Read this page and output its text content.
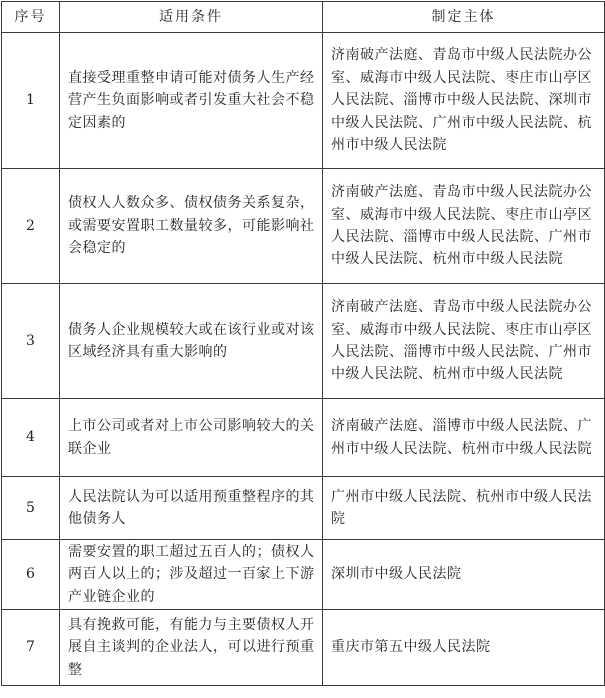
序号	适用条件	制定主体
1	直接受理重整申请可能对债务人生产经营产生负面影响或者引发重大社会不稳定因素的	济南破产法庭、青岛市中级人民法院办公室、威海市中级人民法院、枣庄市山亭区人民法院、淄博市中级人民法院、深圳市中级人民法院、广州市中级人民法院、杭州市中级人民法院
2	债权人人数众多、债权债务关系复杂，或需要安置职工数量较多，可能影响社会稳定的	济南破产法庭、青岛市中级人民法院办公室、威海市中级人民法院、枣庄市山亭区人民法院、淄博市中级人民法院、广州市中级人民法院、杭州市中级人民法院
3	债务人企业规模较大或在该行业或对该区域经济具有重大影响的	济南破产法庭、青岛市中级人民法院办公室、威海市中级人民法院、枣庄市山亭区人民法院、淄博市中级人民法院、广州市中级人民法院、杭州市中级人民法院
4	上市公司或者对上市公司影响较大的关联企业	济南破产法庭、淄博市中级人民法院、广州市中级人民法院、杭州市中级人民法院
5	人民法院认为可以适用预重整程序的其他债务人	广州市中级人民法院、杭州市中级人民法院
6	需要安置的职工超过五百人的；债权人两百人以上的；涉及超过一百家上下游产业链企业的	深圳市中级人民法院
7	具有挽救可能，有能力与主要债权人开展自主谈判的企业法人，可以进行预重整	重庆市第五中级人民法院
